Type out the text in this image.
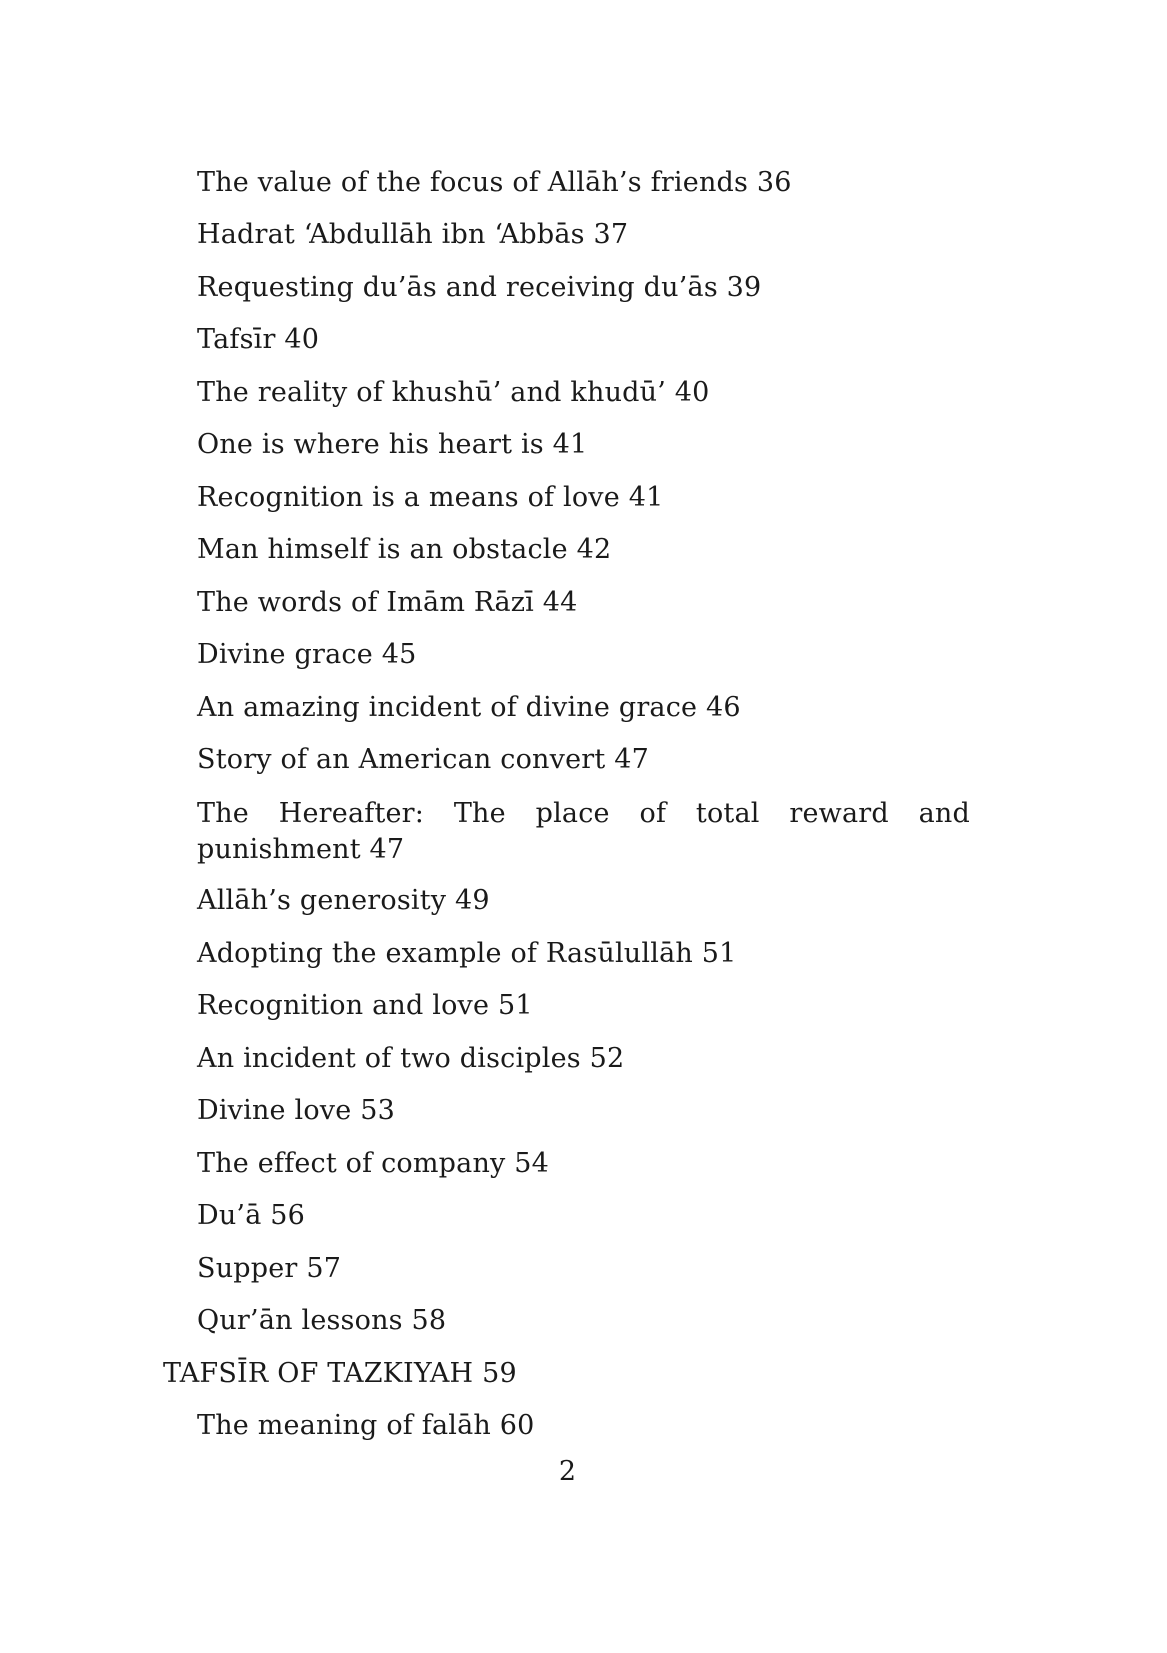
The value of the focus of Allāh’s friends 36
Hadrat ‘Abdullāh ibn ‘Abbās 37
Requesting du’ās and receiving du’ās 39
Tafsīr 40
The reality of khushū’ and khudū’ 40
One is where his heart is 41
Recognition is a means of love 41
Man himself is an obstacle 42
The words of Imām Rāzī 44
Divine grace 45
An amazing incident of divine grace 46
Story of an American convert 47
The Hereafter: The place of total reward and punishment 47
Allāh’s generosity 49
Adopting the example of Rasūlullāh 51
Recognition and love 51
An incident of two disciples 52
Divine love 53
The effect of company 54
Du’ā 56
Supper 57
Qur’ān lessons 58
TAFSĪR OF TAZKIYAH 59
The meaning of falāh 60
2
